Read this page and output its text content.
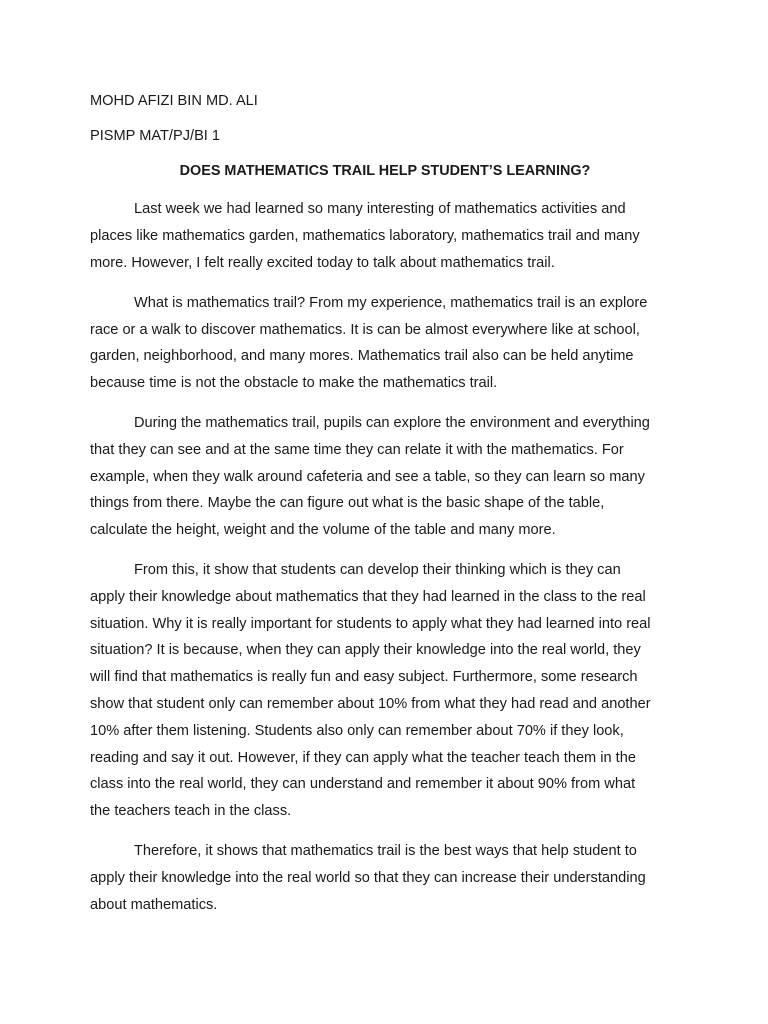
MOHD AFIZI BIN MD. ALI

PISMP MAT/PJ/BI 1

DOES MATHEMATICS TRAIL HELP STUDENT’S LEARNING?

Last week we had learned so many interesting of mathematics activities and

places like mathematics garden, mathematics laboratory, mathematics trail and many

more. However, I felt really excited today to talk about mathematics trail.

What is mathematics trail? From my experience, mathematics trail is an explore

race or a walk to discover mathematics. It is can be almost everywhere like at school,

garden, neighborhood, and many mores. Mathematics trail also can be held anytime

because time is not the obstacle to make the mathematics trail.

During the mathematics trail, pupils can explore the environment and everything

that they can see and at the same time they can relate it with the mathematics. For

example, when they walk around cafeteria and see a table, so they can learn so many

things from there. Maybe the can figure out what is the basic shape of the table,

calculate the height, weight and the volume of the table and many more.

From this, it show that students can develop their thinking which is they can

apply their knowledge about mathematics that they had learned in the class to the real

situation. Why it is really important for students to apply what they had learned into real

situation? It is because, when they can apply their knowledge into the real world, they

will find that mathematics is really fun and easy subject. Furthermore, some research

show that student only can remember about 10% from what they had read and another

10% after them listening. Students also only can remember about 70% if they look,

reading and say it out. However, if they can apply what the teacher teach them in the

class into the real world, they can understand and remember it about 90% from what

the teachers teach in the class.

Therefore, it shows that mathematics trail is the best ways that help student to

apply their knowledge into the real world so that they can increase their understanding

about mathematics.
